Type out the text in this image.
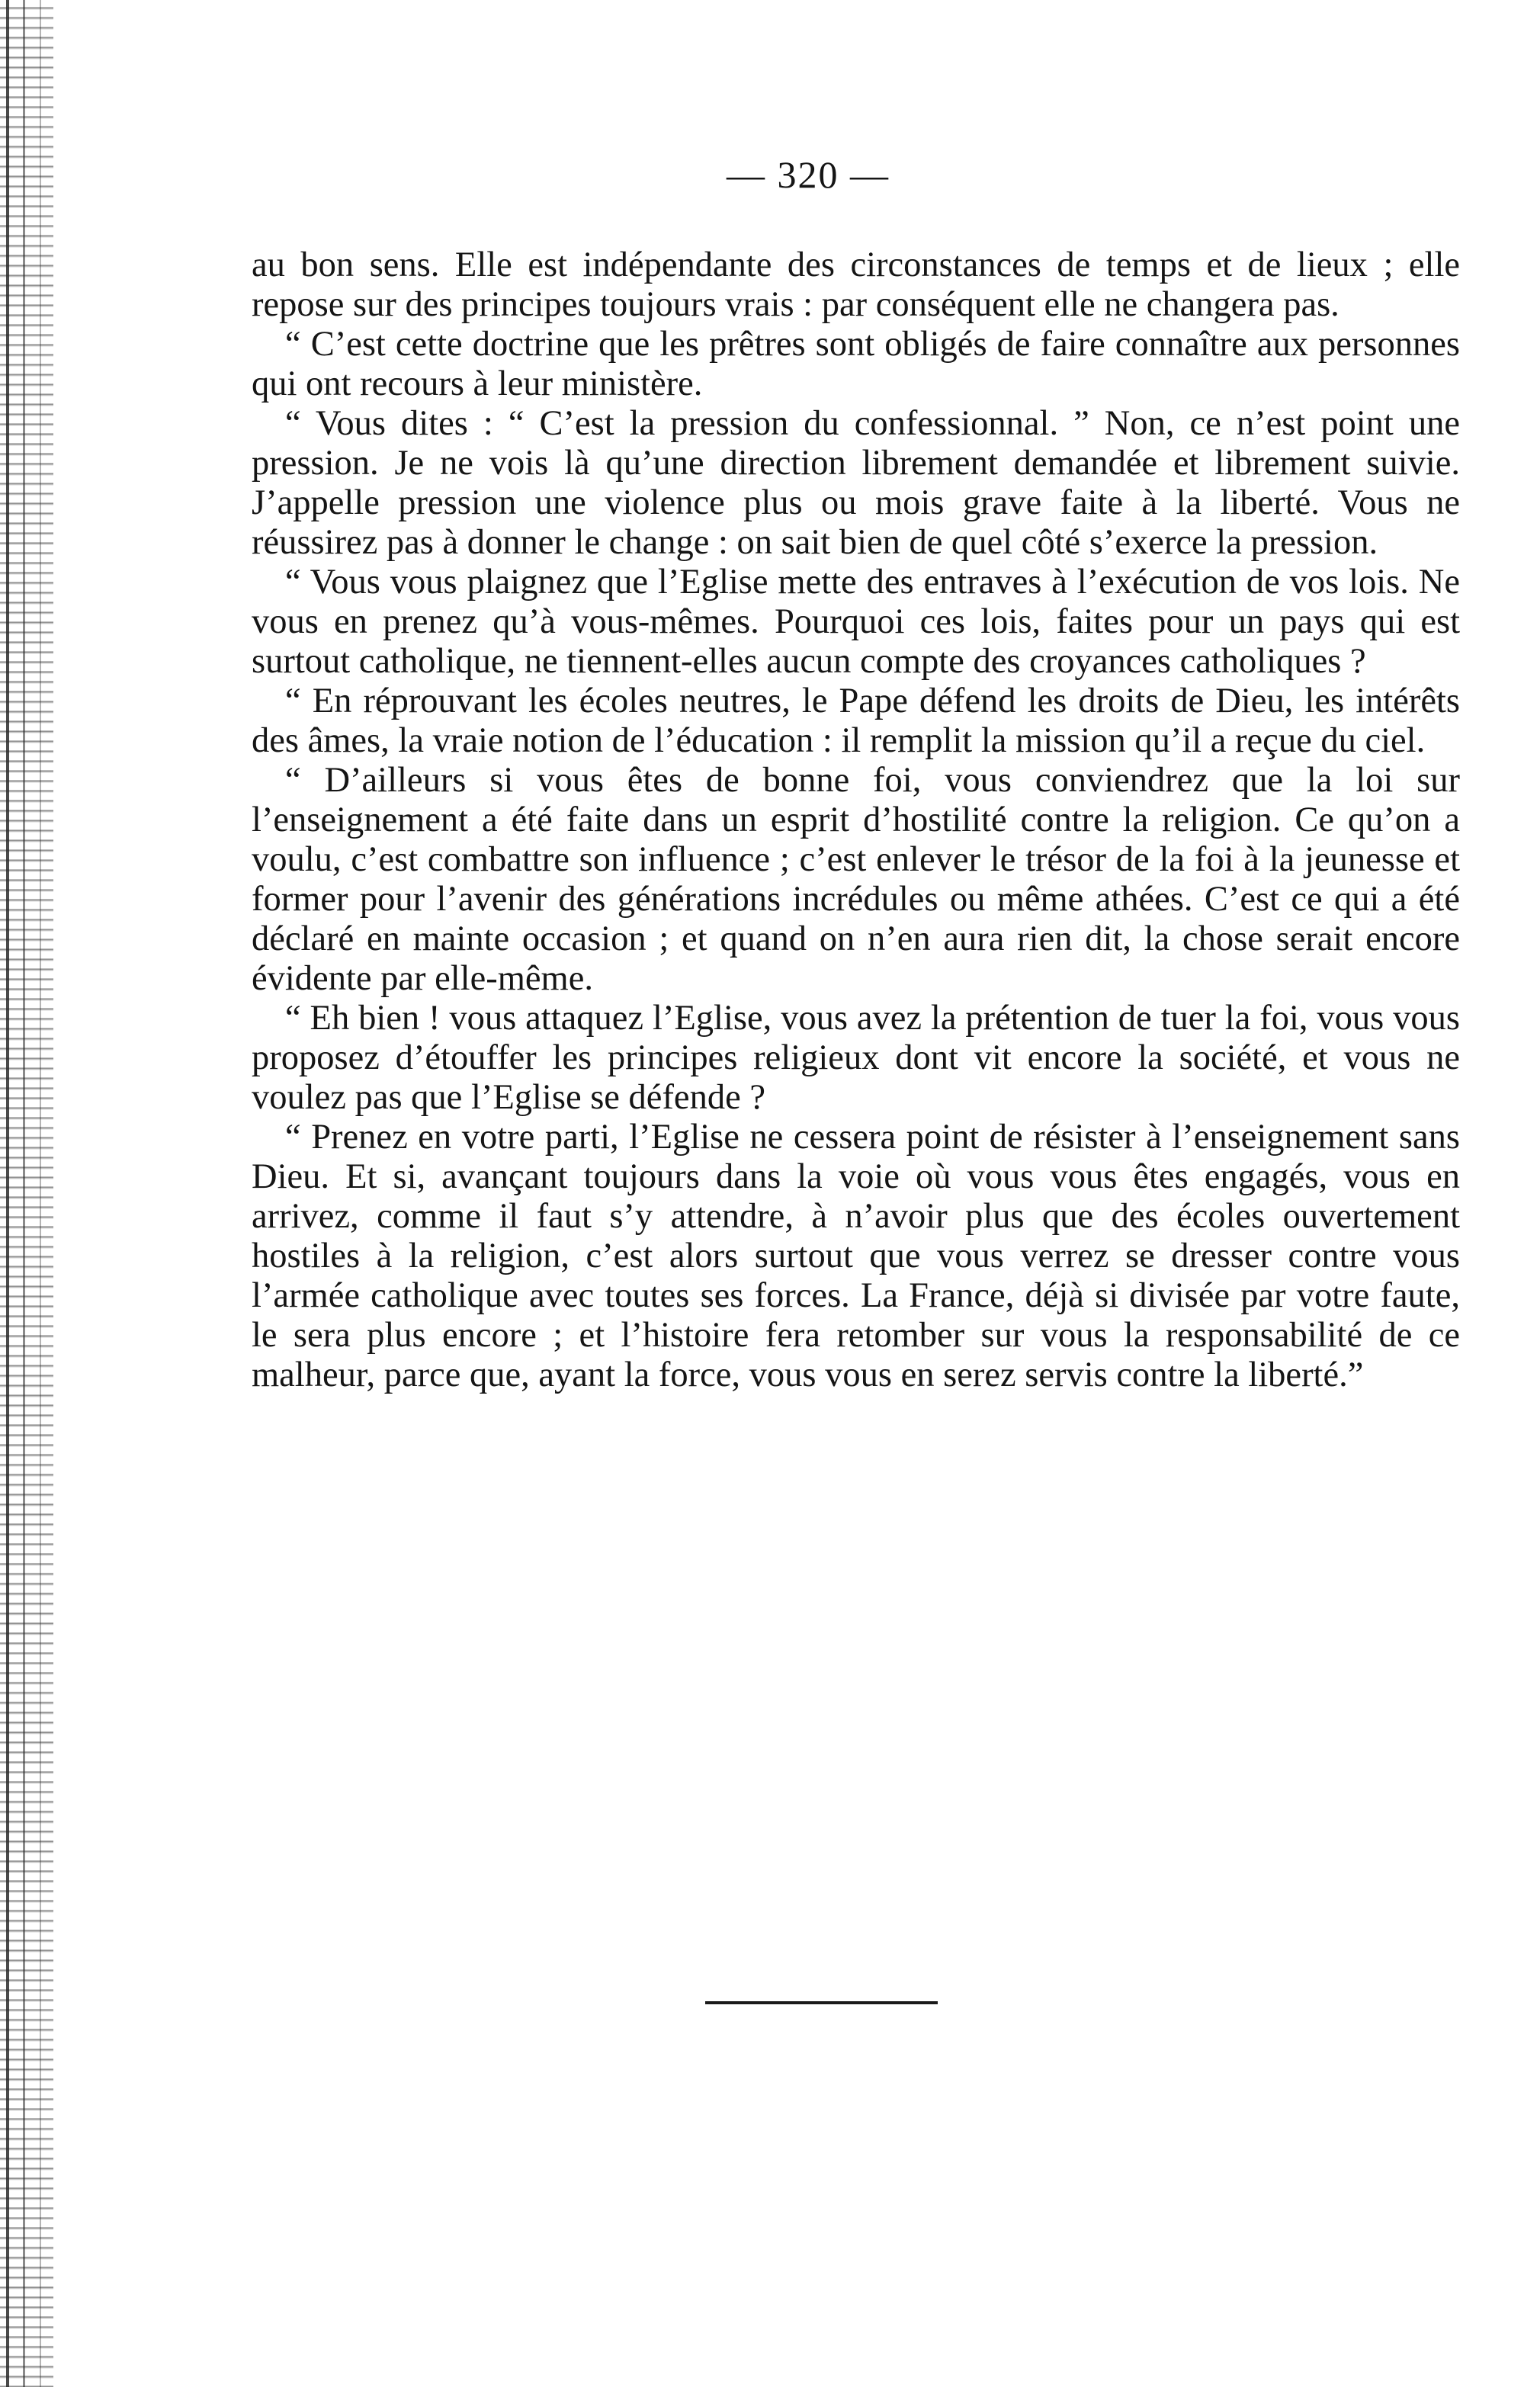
— 320 —

au bon sens. Elle est indépendante des circonstances de temps et de lieux ; elle repose sur des principes toujours vrais : par conséquent elle ne changera pas.

“ C’est cette doctrine que les prêtres sont obligés de faire connaître aux personnes qui ont recours à leur ministère.

“ Vous dites : “ C’est la pression du confessionnal. ” Non, ce n’est point une pression. Je ne vois là qu’une direction librement demandée et librement suivie. J’appelle pression une violence plus ou mois grave faite à la liberté. Vous ne réussirez pas à donner le change : on sait bien de quel côté s’exerce la pression.

“ Vous vous plaignez que l’Eglise mette des entraves à l’exécution de vos lois. Ne vous en prenez qu’à vous-mêmes. Pourquoi ces lois, faites pour un pays qui est surtout catholique, ne tiennent-elles aucun compte des croyances catholiques ?

“ En réprouvant les écoles neutres, le Pape défend les droits de Dieu, les intérêts des âmes, la vraie notion de l’éducation : il remplit la mission qu’il a reçue du ciel.

“ D’ailleurs si vous êtes de bonne foi, vous conviendrez que la loi sur l’enseignement a été faite dans un esprit d’hostilité contre la religion. Ce qu’on a voulu, c’est combattre son influence ; c’est enlever le trésor de la foi à la jeunesse et former pour l’avenir des générations incrédules ou même athées. C’est ce qui a été déclaré en mainte occasion ; et quand on n’en aura rien dit, la chose serait encore évidente par elle-même.

“ Eh bien ! vous attaquez l’Eglise, vous avez la prétention de tuer la foi, vous vous proposez d’étouffer les principes religieux dont vit encore la société, et vous ne voulez pas que l’Eglise se défende ?

“ Prenez en votre parti, l’Eglise ne cessera point de résister à l’enseignement sans Dieu. Et si, avançant toujours dans la voie où vous vous êtes engagés, vous en arrivez, comme il faut s’y attendre, à n’avoir plus que des écoles ouvertement hostiles à la religion, c’est alors surtout que vous verrez se dresser contre vous l’armée catholique avec toutes ses forces. La France, déjà si divisée par votre faute, le sera plus encore ; et l’histoire fera retomber sur vous la responsabilité de ce malheur, parce que, ayant la force, vous vous en serez servis contre la liberté.”
